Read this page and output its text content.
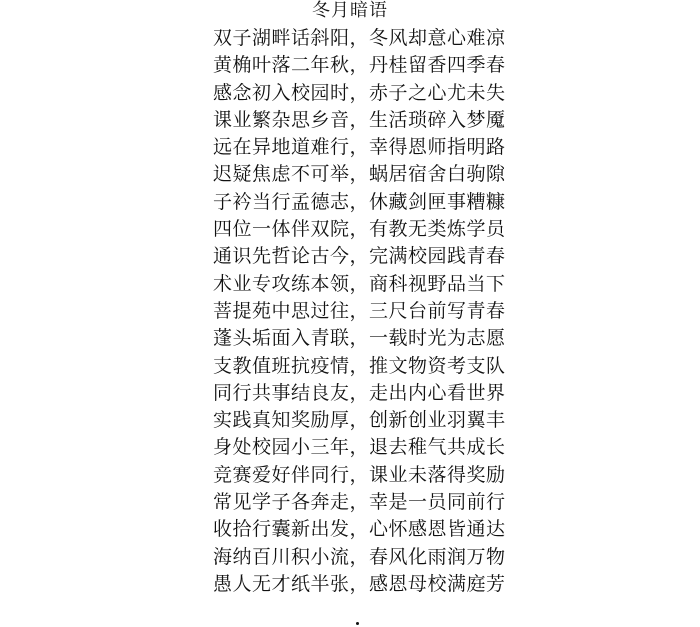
冬月暗语
双子湖畔话斜阳，冬风却意心难凉
黄桷叶落二年秋，丹桂留香四季春
感念初入校园时，赤子之心尤未失
课业繁杂思乡音，生活琐碎入梦魇
远在异地道难行，幸得恩师指明路
迟疑焦虑不可举，蜗居宿舍白驹隙
子衿当行孟德志，休藏剑匣事糟糠
四位一体伴双院，有教无类炼学员
通识先哲论古今，完满校园践青春
术业专攻练本领，商科视野品当下
菩提苑中思过往，三尺台前写青春
蓬头垢面入青联，一载时光为志愿
支教值班抗疫情，推文物资考支队
同行共事结良友，走出内心看世界
实践真知奖励厚，创新创业羽翼丰
身处校园小三年，退去稚气共成长
竞赛爱好伴同行，课业未落得奖励
常见学子各奔走，幸是一员同前行
收拾行囊新出发，心怀感恩皆通达
海纳百川积小流，春风化雨润万物
愚人无才纸半张，感恩母校满庭芳
